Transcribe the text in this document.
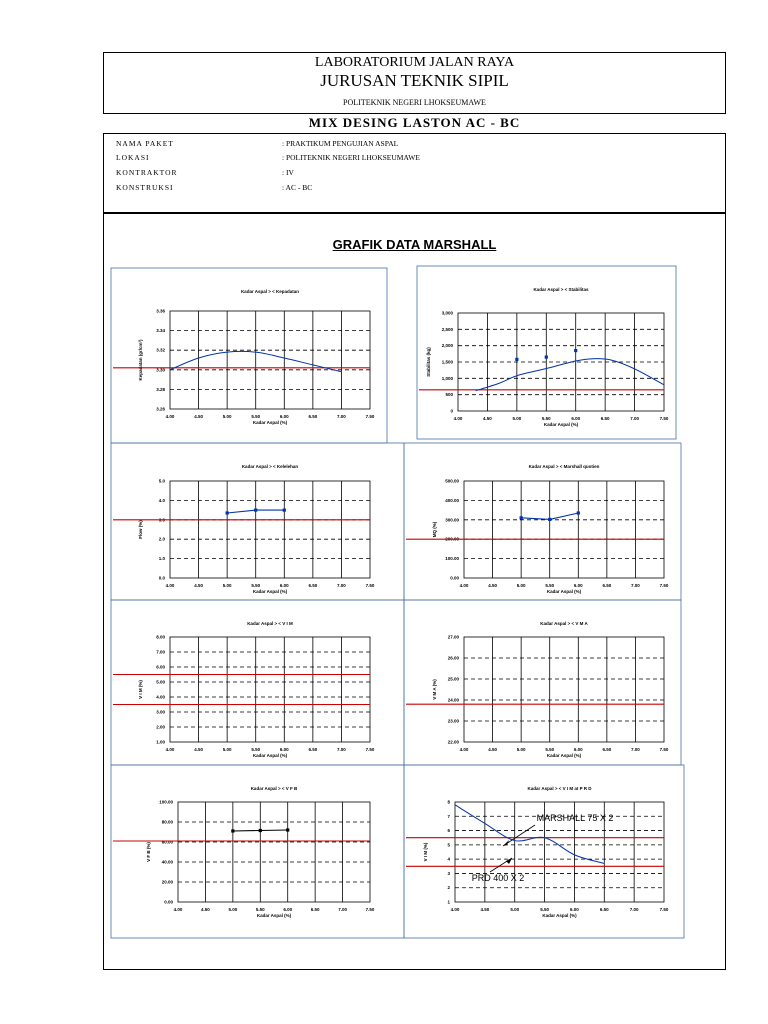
LABORATORIUM JALAN RAYA
JURUSAN TEKNIK SIPIL
POLITEKNIK NEGERI LHOKSEUMAWE
MIX DESING LASTON AC - BC
NAMA PAKET	: PRAKTIKUM PENGUJIAN ASPAL
LOKASI	: POLITEKNIK NEGERI LHOKSEUMAWE
KONTRAKTOR	: IV
KONSTRUKSI	: AC - BC
GRAFIK DATA MARSHALL
Kadar Aspal > < Kepadatan
4.00	4.50	5.00	5.50	6.00	6.50	7.00	7.50
3.26
3.28
3.30
3.32
3.34
3.36
Kadar Aspal (%)
Kepadatan (gr/cm³)
Kadar Aspal > < Stabilitas
4.00	4.50	5.00	5.50	6.00	6.50	7.00	7.50
0
500
1,000
1,500
2,000
2,500
3,000
Kadar Aspal (%)
Stabilitas (kg)
Kadar Aspal > < Kelelehan
4.00	4.50	5.00	5.50	6.00	6.50	7.00	7.50
0.0
1.0
2.0
3.0
4.0
5.0
Kadar Aspal (%)
Flow (%)
Kadar Aspal > < Marshall quotien
4.00	4.50	5.00	5.50	6.00	6.50	7.00	7.50
0.00
100.00
200.00
300.00
400.00
500.00
Kadar Aspal (%)
MQ (%)
Kadar Aspal > < V I M
4.00	4.50	5.00	5.50	6.00	6.50	7.00	7.50
1.00
2.00
3.00
4.00
5.00
6.00
7.00
8.00
Kadar Aspal (%)
V I M (%)
Kadar Aspal > < V M A
4.00	4.50	5.00	5.50	6.00	6.50	7.00	7.50
22.00
23.00
24.00
25.00
26.00
27.00
Kadar Aspal (%)
V M A (%)
Kadar Aspal > < V F B
4.00	4.50	5.00	5.50	6.00	6.50	7.00	7.50
0.00
20.00
40.00
60.00
80.00
100.00
Kadar Aspal (%)
V F B (%)
Kadar Aspal > < V I M at P R D
4.00	4.50	5.00	5.50	6.00	6.50	7.00	7.50
1
2
3
4
5
6
7
8
Kadar Aspal (%)
V I M (%)
MARSHALL 75 X 2
PRD 400 X 2
